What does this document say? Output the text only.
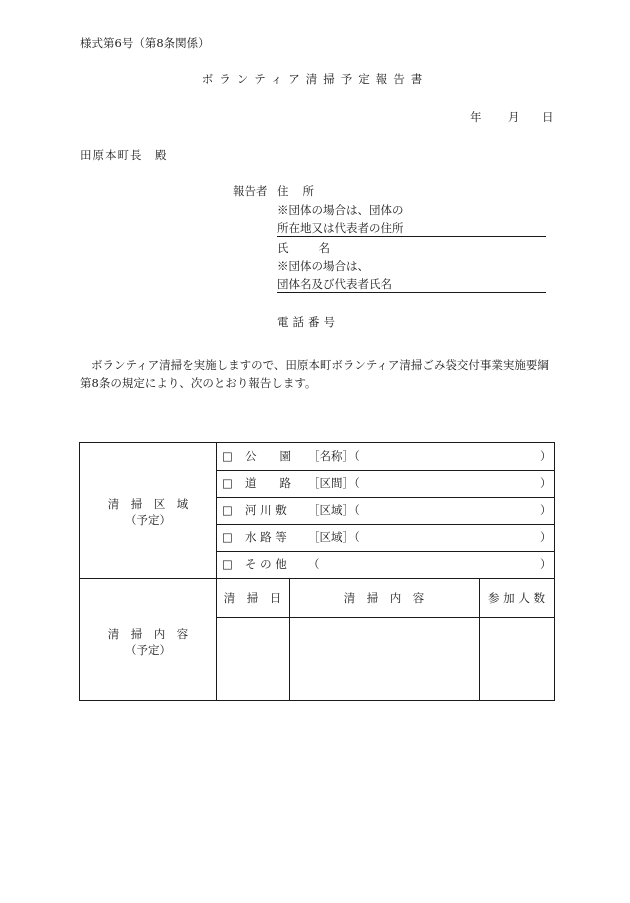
様式第6号（第8条関係）
ボランティア清掃予定報告書
年 月 日
田原本町長　殿
報告者 住所
※団体の場合は、団体の
所在地又は代表者の住所
氏名
※団体の場合は、
団体名及び代表者氏名
電話番号
ボランティア清掃を実施しますので、田原本町ボランティア清掃ごみ袋交付事業実施要綱第8条の規定により、次のとおり報告します。
清　掃　区　域
（予定）
□ 公　　園 ［名称］（	）
□ 道　　路 ［区間］（	）
□ 河 川 敷 ［区域］（	）
□ 水 路 等 ［区域］（	）
□ そ の 他 （	）
清　掃　内　容
（予定）
清　掃　日	清　掃　内　容	参 加 人 数
